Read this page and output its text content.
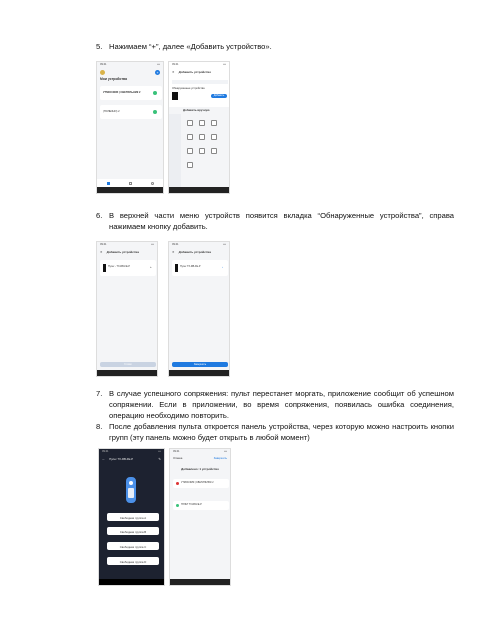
5. Нажимаем “+”, далее «Добавить устройство».
09:41	▪▪▪
+
Мои устройства
УТМОСФИЯ | СВЕТИЛЬНИК 2
(ПОЛЕЗНО) 2
09:41	▪▪▪
✕ Добавить устройство
Обнаруженные устройства
Добавить
Добавить вручную
6. В верхней части меню устройств появится вкладка “Обнаруженные устройства”, справа нажимаем кнопку добавить.
09:41	▪▪▪
✕ Добавить устройства
Пульт - ТХ-RB-FE-P	+
Готово
09:41	▪▪▪
✕ Добавить устройства
Пульт ТХ-RB-FE-P	›
Завершить
7. В случае успешного сопряжения: пульт перестанет моргать, приложение сообщит об успешном сопряжении. Если в приложении, во время сопряжения, появилась ошибка соединения, операцию необходимо повторить.
8. После добавления пульта откроется панель устройства, через которую можно настроить кнопки групп (эту панель можно будет открыть в любой момент)
09:41	▪▪▪
← Пульт ТХ-RB-FE-P	✎
Свободная группа A
Свободная группа B
Свободная группа C
Свободная группа D
09:41	▪▪▪
Отмена	Завершить
Добавлено: 1 устройство
УТМОСФИЯ | СВЕТИЛЬНИК 2
ПУЛЬТ ТХ-RB-FE-P
